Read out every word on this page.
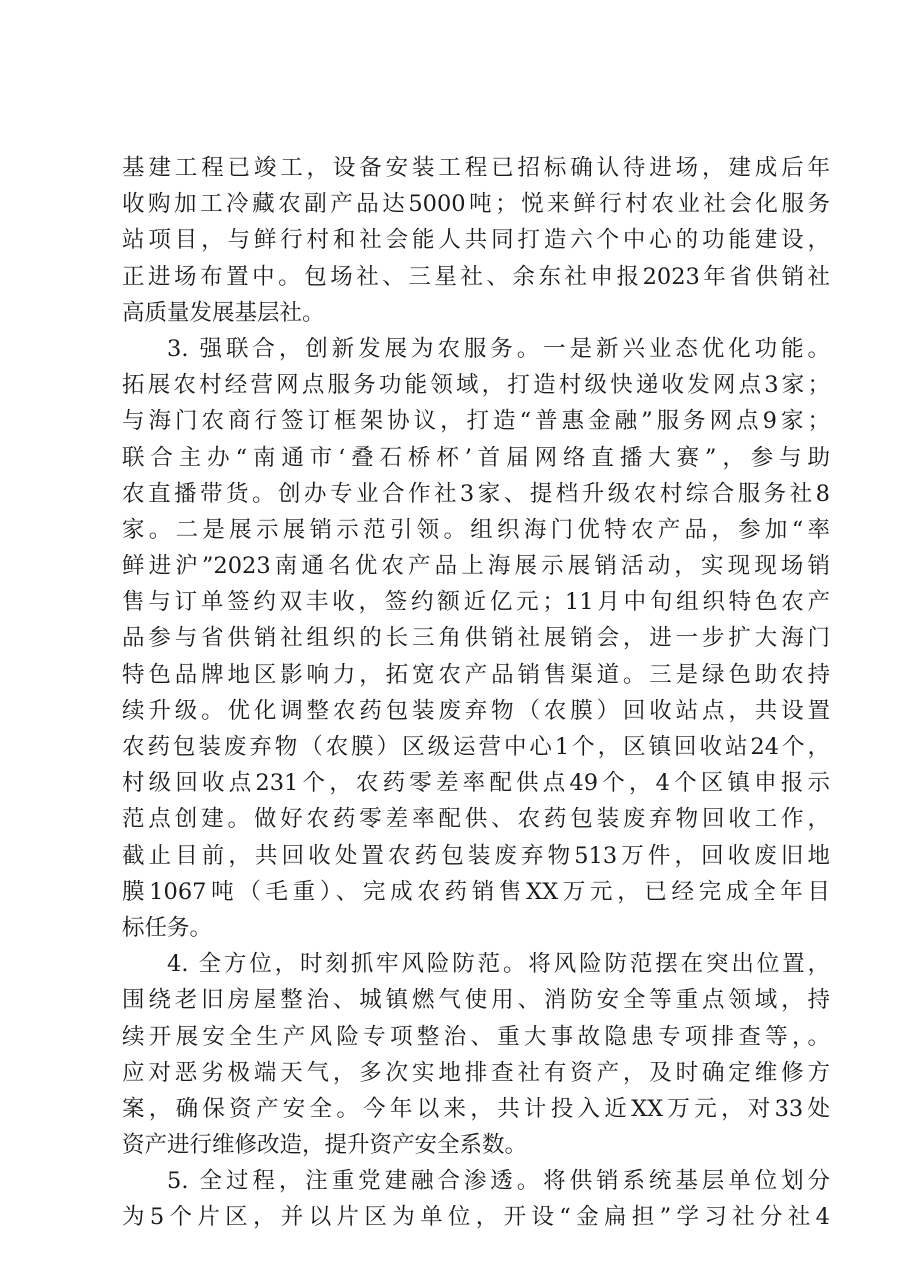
基建工程已竣工，设备安装工程已招标确认待进场，建成后年
收购加工冷藏农副产品达5000吨；悦来鲜行村农业社会化服务
站项目，与鲜行村和社会能人共同打造六个中心的功能建设，
正进场布置中。包场社、三星社、余东社申报2023年省供销社
高质量发展基层社。
3. 强联合，创新发展为农服务。一是新兴业态优化功能。
拓展农村经营网点服务功能领域，打造村级快递收发网点3家；
与海门农商行签订框架协议，打造“普惠金融”服务网点9家；
联合主办“南通市‘叠石桥杯’首届网络直播大赛”，参与助
农直播带货。创办专业合作社3家、提档升级农村综合服务社8
家。二是展示展销示范引领。组织海门优特农产品，参加“率
鲜进沪”2023南通名优农产品上海展示展销活动，实现现场销
售与订单签约双丰收，签约额近亿元；11月中旬组织特色农产
品参与省供销社组织的长三角供销社展销会，进一步扩大海门
特色品牌地区影响力，拓宽农产品销售渠道。三是绿色助农持
续升级。优化调整农药包装废弃物（农膜）回收站点，共设置
农药包装废弃物（农膜）区级运营中心1个，区镇回收站24个，
村级回收点231个，农药零差率配供点49个，4个区镇申报示
范点创建。做好农药零差率配供、农药包装废弃物回收工作，
截止目前，共回收处置农药包装废弃物513万件，回收废旧地
膜1067吨（毛重）、完成农药销售XX万元，已经完成全年目
标任务。
4. 全方位，时刻抓牢风险防范。将风险防范摆在突出位置，
围绕老旧房屋整治、城镇燃气使用、消防安全等重点领域，持
续开展安全生产风险专项整治、重大事故隐患专项排查等，。
应对恶劣极端天气，多次实地排查社有资产，及时确定维修方
案，确保资产安全。今年以来，共计投入近XX万元，对33处
资产进行维修改造，提升资产安全系数。
5. 全过程，注重党建融合渗透。将供销系统基层单位划分
为5个片区，并以片区为单位，开设“金扁担”学习社分社4
